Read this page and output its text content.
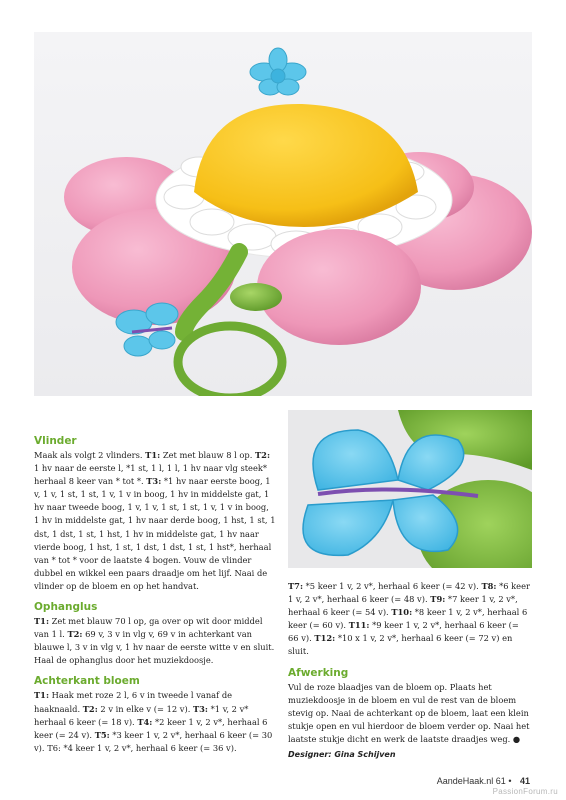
Vlinder

Maak als volgt 2 vlinders. T1: Zet met blauw 8 l op. T2: 1 hv naar de eerste l, *1 st, 1 l, 1 l, 1 hv naar vlg steek* herhaal 8 keer van * tot *. T3: *1 hv naar eerste boog, 1 v, 1 v, 1 st, 1 st, 1 v, 1 v in boog, 1 hv in middelste gat, 1 hv naar tweede boog, 1 v, 1 v, 1 st, 1 st, 1 v, 1 v in boog, 1 hv in middelste gat, 1 hv naar derde boog, 1 hst, 1 st, 1 dst, 1 dst, 1 st, 1 hst, 1 hv in middelste gat, 1 hv naar vierde boog, 1 hst, 1 st, 1 dst, 1 dst, 1 st, 1 hst*, herhaal van * tot * voor de laatste 4 bogen. Vouw de vlinder dubbel en wikkel een paars draadje om het lijf. Naai de vlinder op de bloem en op het handvat.

Ophanglus

T1: Zet met blauw 70 l op, ga over op wit door middel van 1 l. T2: 69 v, 3 v in vlg v, 69 v in achterkant van blauwe l, 3 v in vlg v, 1 hv naar de eerste witte v en sluit. Haal de ophanglus door het muziekdoosje.

Achterkant bloem

T1: Haak met roze 2 l, 6 v in tweede l vanaf de haaknaald. T2: 2 v in elke v (= 12 v). T3: *1 v, 2 v* herhaal 6 keer (= 18 v). T4: *2 keer 1 v, 2 v*, herhaal 6 keer (= 24 v). T5: *3 keer 1 v, 2 v*, herhaal 6 keer (= 30 v). T6: *4 keer 1 v, 2 v*, herhaal 6 keer (= 36 v).

T7: *5 keer 1 v, 2 v*, herhaal 6 keer (= 42 v). T8: *6 keer 1 v, 2 v*, herhaal 6 keer (= 48 v). T9: *7 keer 1 v, 2 v*, herhaal 6 keer (= 54 v). T10: *8 keer 1 v, 2 v*, herhaal 6 keer (= 60 v). T11: *9 keer 1 v, 2 v*, herhaal 6 keer (= 66 v). T12: *10 x 1 v, 2 v*, herhaal 6 keer (= 72 v) en sluit.

Afwerking

Vul de roze blaadjes van de bloem op. Plaats het muziekdoosje in de bloem en vul de rest van de bloem stevig op. Naai de achterkant op de bloem, laat een klein stukje open en vul hierdoor de bloem verder op. Naai het laatste stukje dicht en werk de laatste draadjes weg. ●

Designer: Gina Schijven
AandeHaak.nl 61 • 41
PassionForum.ru
